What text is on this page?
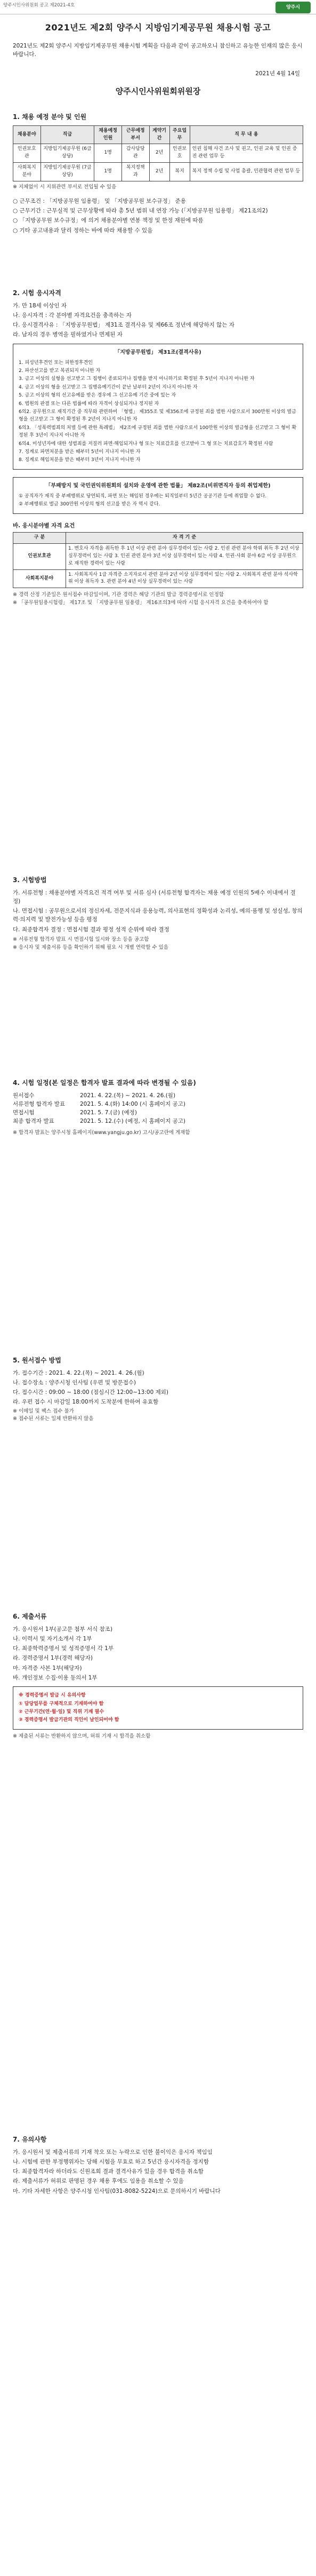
양주시인사위원회 공고 제2021-4호	양주시
2021년도 제2회 양주시 지방임기제공무원 채용시험 공고
2021년도 제2회 양주시 지방임기제공무원 채용시험 계획을 다음과 같이 공고하오니 참신하고 유능한 인재의 많은 응시 바랍니다.
2021년 4월 14일
양주시인사위원회위원장
1. 채용 예정 분야 및 인원
채용분야	직급	채용예정인원	근무예정부서	계약기간	주요업무	직 무 내 용
인권보호관	지방임기제공무원 (6급 상당)	1명	감사담당관	2년	인권보호	인권 침해 사건 조사 및 권고, 인권 교육 및 인권 증진 관련 업무 등
사회복지분야	지방임기제공무원 (7급 상당)	1명	복지정책과	2년	복지	복지 정책 수립 및 사업 총괄, 민관협력 관련 업무 등
※ 지체없이 시 지위관련 부서로 전입될 수 있음

○ 근무조건 : 「지방공무원 임용령」 및 「지방공무원 보수규정」 준용

○ 근무기간 : 근무실적 및 근무상황에 따라 총 5년 범위 내 연장 가능 (「지방공무원 임용령」 제21조의2)

○ 「지방공무원 보수규정」에 의거 채용분야별 연봉 책정 및 한정 재원에 따름

○ 기타 공고내용과 달리 정하는 바에 따라 채용할 수 있음

2. 시험 응시자격

가. 만 18세 이상인 자

나. 응시자격 : 각 분야별 자격요건을 충족하는 자

다. 응시결격사유 : 「지방공무원법」 제31조 결격사유 및 제66조 정년에 해당하지 않는 자

라. 남자의 경우 병역을 필하였거나 면제된 자

「지방공무원법」 제31조(결격사유)

1. 피성년후견인 또는 피한정후견인

2. 파산선고를 받고 복권되지 아니한 자

3. 금고 이상의 실형을 선고받고 그 집행이 종료되거나 집행을 받지 아니하기로 확정된 후 5년이 지나지 아니한 자

4. 금고 이상의 형을 선고받고 그 집행유예기간이 끝난 날부터 2년이 지나지 아니한 자

5. 금고 이상의 형의 선고유예를 받은 경우에 그 선고유예 기간 중에 있는 자

6. 법원의 판결 또는 다른 법률에 따라 자격이 상실되거나 정지된 자

6의2. 공무원으로 재직기간 중 직무와 관련하여 「형법」 제355조 및 제356조에 규정된 죄를 범한 사람으로서 300만원 이상의 벌금형을 선고받고 그 형이 확정된 후 2년이 지나지 아니한 자

6의3. 「성폭력범죄의 처벌 등에 관한 특례법」 제2조에 규정된 죄를 범한 사람으로서 100만원 이상의 벌금형을 선고받고 그 형이 확정된 후 3년이 지나지 아니한 자

6의4. 미성년자에 대한 성범죄를 저질러 파면·해임되거나 형 또는 치료감호를 선고받아 그 형 또는 치료감호가 확정된 사람

7. 징계로 파면처분을 받은 때부터 5년이 지나지 아니한 자

8. 징계로 해임처분을 받은 때부터 3년이 지나지 아니한 자

「부패방지 및 국민권익위원회의 설치와 운영에 관한 법률」 제82조(비위면직자 등의 취업제한)

① 공직자가 재직 중 부패행위로 당연퇴직, 파면 또는 해임된 경우에는 퇴직일부터 5년간 공공기관 등에 취업할 수 없다.

② 부패행위로 벌금 300만원 이상의 형의 선고를 받은 자 역시 같다.

바. 응시분야별 자격 요건
구 분	자 격 기 준
인권보호관	1. 변호사 자격을 취득한 후 1년 이상 관련 분야 실무경력이 있는 사람 2. 인권 관련 분야 학위 취득 후 2년 이상 실무경력이 있는 사람 3. 인권 관련 분야 3년 이상 실무경력이 있는 사람 4. 인권·사회 분야 6급 이상 공무원으로 재직한 경력이 있는 사람
사회복지분야	1. 사회복지사 1급 자격증 소지자로서 관련 분야 2년 이상 실무경력이 있는 사람 2. 사회복지 관련 분야 석사학위 이상 취득자 3. 관련 분야 4년 이상 실무경력이 있는 사람
※ 경력 산정 기준일은 원서접수 마감일이며, 기관 경력은 해당 기관의 발급 경력증명서로 인정함
※ 「공무원임용시험령」 제17조 및 「지방공무원 임용령」 제16조의3에 따라 시험 응시자격 요건을 충족하여야 함
3. 시험방법

가. 서류전형 : 채용분야별 자격요건 적격 여부 및 서류 심사 (서류전형 합격자는 채용 예정 인원의 5배수 이내에서 결정)

나. 면접시험 : 공무원으로서의 정신자세, 전문지식과 응용능력, 의사표현의 정확성과 논리성, 예의·품행 및 성실성, 창의력·의지력 및 발전가능성 등을 평정

다. 최종합격자 결정 : 면접시험 결과 평정 성적 순위에 따라 결정

※ 서류전형 합격자 발표 시 면접시험 일시와 장소 등을 공고함
※ 응시자 및 제출서류 등을 확인하기 위해 필요 시 개별 연락할 수 있음
4. 시험 일정(본 일정은 합격자 발표 결과에 따라 변경될 수 있음)
원서접수	2021. 4. 22.(목) ~ 2021. 4. 26.(월)
서류전형 합격자 발표	2021. 5. 4.(화) 14:00 (시 홈페이지 공고)
면접시험	2021. 5. 7.(금) (예정)
최종 합격자 발표	2021. 5. 12.(수) (예정, 시 홈페이지 공고)
※ 합격자 발표는 양주시청 홈페이지(www.yangju.go.kr) 고시/공고란에 게재함
5. 원서접수 방법

가. 접수기간 : 2021. 4. 22.(목) ~ 2021. 4. 26.(월)

나. 접수장소 : 양주시청 인사팀 (우편 및 방문접수)

다. 접수시간 : 09:00 ~ 18:00 (점심시간 12:00~13:00 제외)

라. 우편 접수 시 마감일 18:00까지 도착분에 한하여 유효함

※ 이메일 및 팩스 접수 불가
※ 접수된 서류는 일체 반환하지 않음
6. 제출서류

가. 응시원서 1부(공고문 첨부 서식 참조)

나. 이력서 및 자기소개서 각 1부

다. 최종학력증명서 및 성적증명서 각 1부

라. 경력증명서 1부(경력 해당자)

마. 자격증 사본 1부(해당자)

바. 개인정보 수집·이용 동의서 1부

※ 경력증명서 발급 시 유의사항

① 담당업무를 구체적으로 기재하여야 함

② 근무기간(연·월·일) 및 직위 기재 필수

③ 경력증명서 발급기관의 직인이 날인되어야 함

※ 제출된 서류는 반환하지 않으며, 허위 기재 시 합격을 취소함
7. 유의사항

가. 응시원서 및 제출서류의 기재 착오 또는 누락으로 인한 불이익은 응시자 책임임

나. 시험에 관한 부정행위자는 당해 시험을 무효로 하고 5년간 응시자격을 정지함

다. 최종합격자라 하더라도 신원조회 결과 결격사유가 있을 경우 합격을 취소함

라. 제출서류가 허위로 판명된 경우 채용 후에도 임용을 취소할 수 있음

마. 기타 자세한 사항은 양주시청 인사팀(031-8082-5224)으로 문의하시기 바랍니다
